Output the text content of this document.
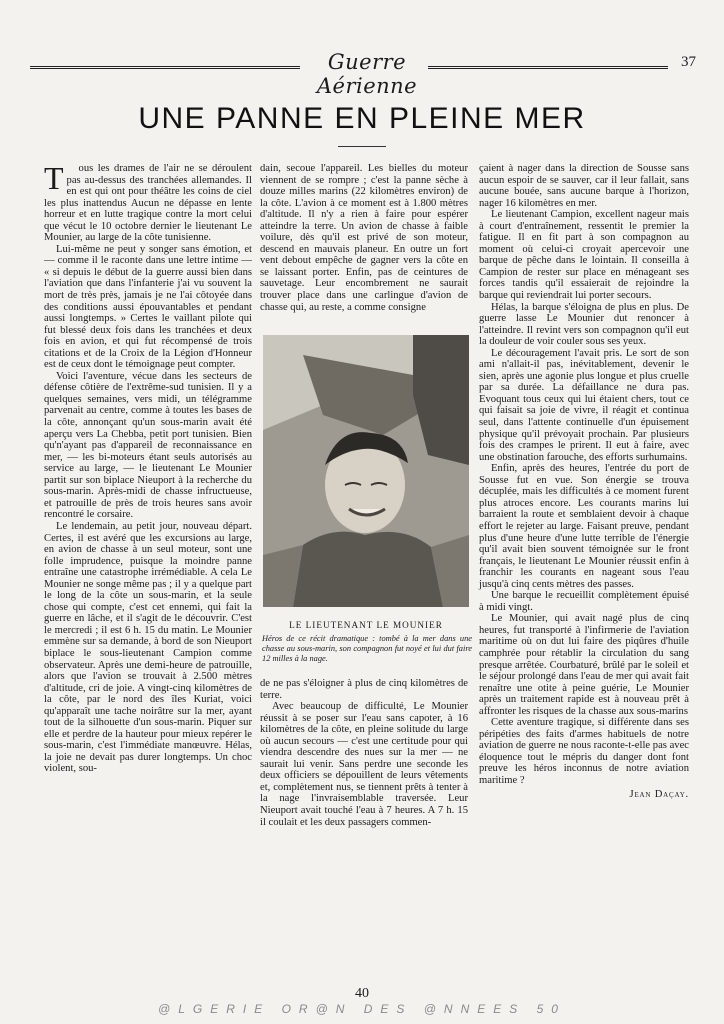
Guerre Aérienne
37
UNE PANNE EN PLEINE MER

T ous les drames de l'air ne se déroulent pas au-dessus des tranchées allemandes. Il en est qui ont pour théâtre les coins de ciel les plus inattendus Aucun ne dépasse en lente horreur et en lutte tragique contre la mort celui que vécut le 10 octobre dernier le lieutenant Le Mounier, au large de la côte tunisienne.

Lui-même ne peut y songer sans émotion, et — comme il le raconte dans une lettre intime — « si depuis le début de la guerre aussi bien dans l'aviation que dans l'infanterie j'ai vu souvent la mort de très près, jamais je ne l'ai côtoyée dans des conditions aussi épouvantables et pendant aussi longtemps. » Certes le vaillant pilote qui fut blessé deux fois dans les tranchées et deux fois en avion, et qui fut récompensé de trois citations et de la Croix de la Légion d'Honneur est de ceux dont le témoignage peut compter.

Voici l'aventure, vécue dans les secteurs de défense côtière de l'extrême-sud tunisien. Il y a quelques semaines, vers midi, un télégramme parvenait au centre, comme à toutes les bases de la côte, annonçant qu'un sous-marin avait été aperçu vers La Chebba, petit port tunisien. Bien qu'n'ayant pas d'appareil de reconnaissance en mer, — les bi-moteurs étant seuls autorisés au service au large, — le lieutenant Le Mounier partit sur son biplace Nieuport à la recherche du sous-marin. Après-midi de chasse infructueuse, et patrouille de près de trois heures sans avoir rencontré le corsaire.

Le lendemain, au petit jour, nouveau départ. Certes, il est avéré que les excursions au large, en avion de chasse à un seul moteur, sont une folle imprudence, puisque la moindre panne entraîne une catastrophe irrémédiable. A cela Le Mounier ne songe même pas ; il y a quelque part le long de la côte un sous-marin, et la seule chose qui compte, c'est cet ennemi, qui fait la guerre en lâche, et il s'agit de le découvrir. C'est le mercredi ; il est 6 h. 15 du matin. Le Mounier emmène sur sa demande, à bord de son Nieuport biplace le sous-lieutenant Campion comme observateur. Après une demi-heure de patrouille, alors que l'avion se trouvait à 2.500 mètres d'altitude, cri de joie. A vingt-cinq kilomètres de la côte, par le nord des îles Kuriat, voici qu'apparaît une tache noirâtre sur la mer, ayant tout de la silhouette d'un sous-marin. Piquer sur elle et perdre de la hauteur pour mieux repérer le sous-marin, c'est l'immédiate manœuvre. Hélas, la joie ne devait pas durer longtemps. Un choc violent, sou-

dain, secoue l'appareil. Les bielles du moteur viennent de se rompre ; c'est la panne sèche à douze milles marins (22 kilomètres environ) de la côte. L'avion à ce moment est à 1.800 mètres d'altitude. Il n'y a rien à faire pour espérer atteindre la terre. Un avion de chasse à faible voilure, dès qu'il est privé de son moteur, descend en mauvais planeur. En outre un fort vent debout empêche de gagner vers la côte en se laissant porter. Enfin, pas de ceintures de sauvetage. Leur encombrement ne saurait trouver place dans une carlingue d'avion de chasse qui, au reste, a comme consigne

LE LIEUTENANT LE MOUNIER
Héros de ce récit dramatique : tombé à la mer dans une chasse au sous-marin, son compagnon fut noyé et lui dut faire 12 milles à la nage.

de ne pas s'éloigner à plus de cinq kilomètres de terre.

Avec beaucoup de difficulté, Le Mounier réussit à se poser sur l'eau sans capoter, à 16 kilomètres de la côte, en pleine solitude du large où aucun secours — c'est une certitude pour qui viendra descendre des nues sur la mer — ne saurait lui venir. Sans perdre une seconde les deux officiers se dépouillent de leurs vêtements et, complètement nus, se tiennent prêts à tenter à la nage l'invraisemblable traversée. Leur Nieuport avait touché l'eau à 7 heures. A 7 h. 15 il coulait et les deux passagers commen-

çaient à nager dans la direction de Sousse sans aucun espoir de se sauver, car il leur fallait, sans aucune bouée, sans aucune barque à l'horizon, nager 16 kilomètres en mer.

Le lieutenant Campion, excellent nageur mais à court d'entraînement, ressentit le premier la fatigue. Il en fit part à son compagnon au moment où celui-ci croyait apercevoir une barque de pêche dans le lointain. Il conseilla à Campion de rester sur place en ménageant ses forces tandis qu'il essaierait de rejoindre la barque qui reviendrait lui porter secours.

Hélas, la barque s'éloigna de plus en plus. De guerre lasse Le Mounier dut renoncer à l'atteindre. Il revint vers son compagnon qu'il eut la douleur de voir couler sous ses yeux.

Le découragement l'avait pris. Le sort de son ami n'allait-il pas, inévitablement, devenir le sien, après une agonie plus longue et plus cruelle par sa durée. La défaillance ne dura pas. Evoquant tous ceux qui lui étaient chers, tout ce qui faisait sa joie de vivre, il réagit et continua seul, dans l'attente continuelle d'un épuisement physique qu'il prévoyait prochain. Par plusieurs fois des crampes le prirent. Il eut à faire, avec une obstination farouche, des efforts surhumains.

Enfin, après des heures, l'entrée du port de Sousse fut en vue. Son énergie se trouva décuplée, mais les difficultés à ce moment furent plus atroces encore. Les courants marins lui barraient la route et semblaient devoir à chaque effort le rejeter au large. Faisant preuve, pendant plus d'une heure d'une lutte terrible de l'énergie qu'il avait bien souvent témoignée sur le front français, le lieutenant Le Mounier réussit enfin à franchir les courants en nageant sous l'eau jusqu'à cinq cents mètres des passes.

Une barque le recueillit complètement épuisé à midi vingt.

Le Mounier, qui avait nagé plus de cinq heures, fut transporté à l'infirmerie de l'aviation maritime où on dut lui faire des piqûres d'huile camphrée pour rétablir la circulation du sang presque arrêtée. Courbaturé, brûlé par le soleil et le séjour prolongé dans l'eau de mer qui avait fait renaître une otite à peine guérie, Le Mounier après un traitement rapide est à nouveau prêt à affronter les risques de la chasse aux sous-marins

Cette aventure tragique, si différente dans ses péripéties des faits d'armes habituels de notre aviation de guerre ne nous raconte-t-elle pas avec éloquence tout le mépris du danger dont font preuve les héros inconnus de notre aviation maritime ?

Jean Daçay.
40
@LGERIE OR@N DES @NNEES 50
